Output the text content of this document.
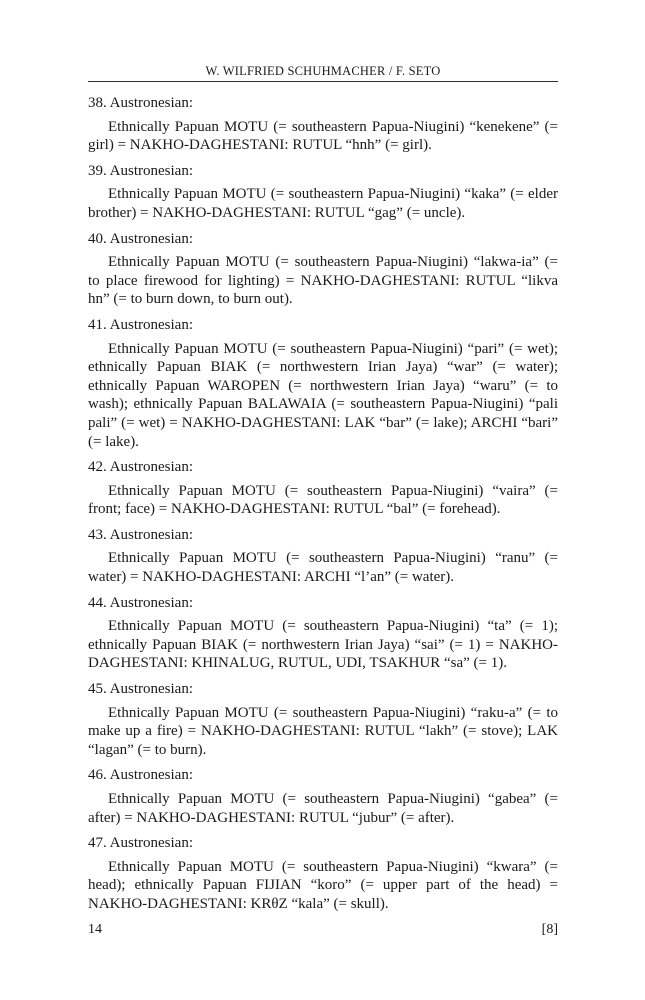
W. WILFRIED SCHUHMACHER / F. SETO

38. Austronesian:

Ethnically Papuan MOTU (= southeastern Papua-Niugini) “kenekene” (= girl) = NAKHO-DAGHESTANI: RUTUL “hnh” (= girl).

39. Austronesian:

Ethnically Papuan MOTU (= southeastern Papua-Niugini) “kaka” (= elder brother) = NAKHO-DAGHESTANI: RUTUL “gag” (= uncle).

40. Austronesian:

Ethnically Papuan MOTU (= southeastern Papua-Niugini) “lakwa-ia” (= to place firewood for lighting) = NAKHO-DAGHESTANI: RUTUL “likva hn” (= to burn down, to burn out).

41. Austronesian:

Ethnically Papuan MOTU (= southeastern Papua-Niugini) “pari” (= wet); ethnically Papuan BIAK (= northwestern Irian Jaya) “war” (= water); ethnically Papuan WAROPEN (= northwestern Irian Jaya) “waru” (= to wash); ethnically Papuan BALAWAIA (= southeastern Papua-Niugini) “pali pali” (= wet) = NAKHO-DAGHESTANI: LAK “bar” (= lake); ARCHI “bari” (= lake).

42. Austronesian:

Ethnically Papuan MOTU (= southeastern Papua-Niugini) “vaira” (= front; face) = NAKHO-DAGHESTANI: RUTUL “bal” (= forehead).

43. Austronesian:

Ethnically Papuan MOTU (= southeastern Papua-Niugini) “ranu” (= water) = NAKHO-DAGHESTANI: ARCHI “l’an” (= water).

44. Austronesian:

Ethnically Papuan MOTU (= southeastern Papua-Niugini) “ta” (= 1); ethnically Papuan BIAK (= northwestern Irian Jaya) “sai” (= 1) = NAKHO-DAGHESTANI: KHINALUG, RUTUL, UDI, TSAKHUR “sa” (= 1).

45. Austronesian:

Ethnically Papuan MOTU (= southeastern Papua-Niugini) “raku-a” (= to make up a fire) = NAKHO-DAGHESTANI: RUTUL “lakh” (= stove); LAK “lagan” (= to burn).

46. Austronesian:

Ethnically Papuan MOTU (= southeastern Papua-Niugini) “gabea” (= after) = NAKHO-DAGHESTANI: RUTUL “jubur” (= after).

47. Austronesian:

Ethnically Papuan MOTU (= southeastern Papua-Niugini) “kwara” (= head); ethnically Papuan FIJIAN “koro” (= upper part of the head) = NAKHO-DAGHESTANI: KRθZ “kala” (= skull).

14	[8]
